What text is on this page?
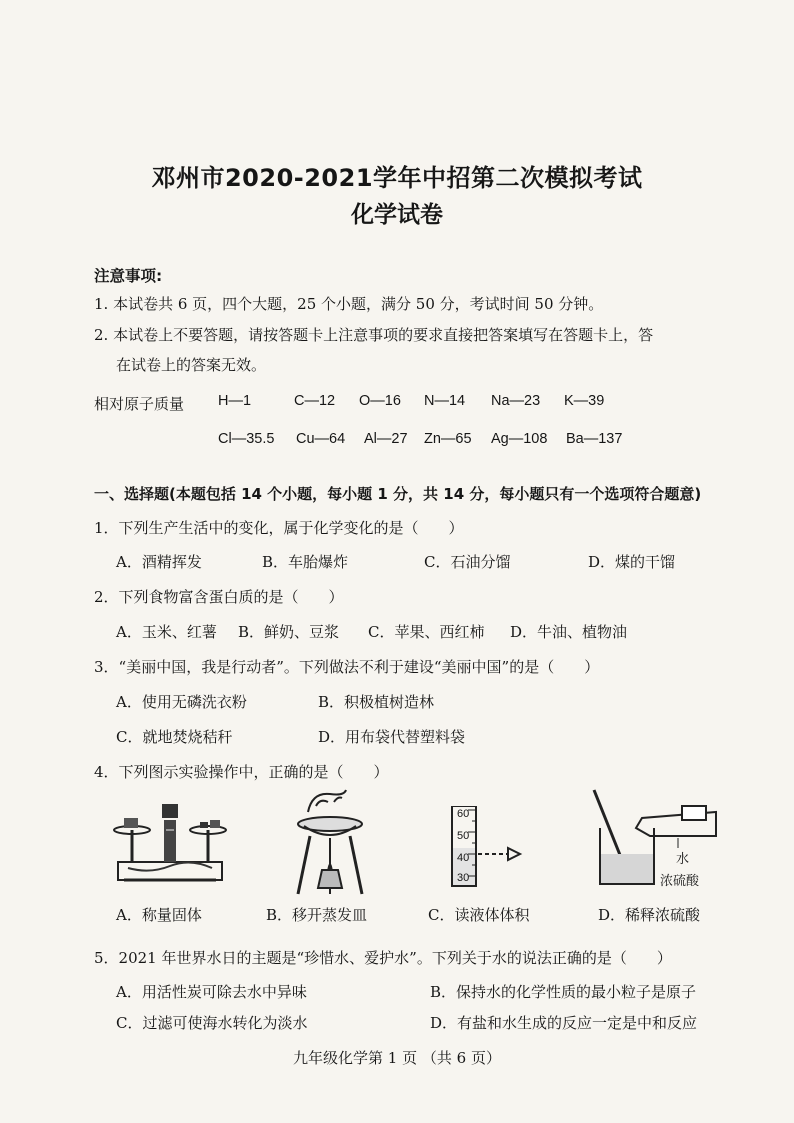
邓州市2020-2021学年中招第二次模拟考试
化学试卷
注意事项:
1. 本试卷共 6 页，四个大题，25 个小题，满分 50 分，考试时间 50 分钟。
2. 本试卷上不要答题，请按答题卡上注意事项的要求直接把答案填写在答题卡上，答
在试卷上的答案无效。
相对原子质量 H—1	C—12 O—16 N—14 Na—23 K—39
Cl—35.5 Cu—64 Al—27 Zn—65 Ag—108 Ba—137
一、选择题(本题包括 14 个小题，每小题 1 分，共 14 分，每小题只有一个选项符合题意)
1．下列生产生活中的变化，属于化学变化的是（　　）
A．酒精挥发	B．车胎爆炸	C．石油分馏	D．煤的干馏
2．下列食物富含蛋白质的是（　　）
A．玉米、红薯 B．鲜奶、豆浆 C．苹果、西红柿 D．牛油、植物油
3．“美丽中国，我是行动者”。下列做法不利于建设“美丽中国”的是（　　）
A．使用无磷洗衣粉	B．积极植树造林
C．就地焚烧秸秆	D．用布袋代替塑料袋
4．下列图示实验操作中，正确的是（　　）
A．称量固体	B．移开蒸发皿
60
50
40
30
C．读液体体积
水
浓硫酸
D．稀释浓硫酸
5．2021 年世界水日的主题是“珍惜水、爱护水”。下列关于水的说法正确的是（　　）
A．用活性炭可除去水中异味	B．保持水的化学性质的最小粒子是原子
C．过滤可使海水转化为淡水	D．有盐和水生成的反应一定是中和反应
九年级化学第 1 页 （共 6 页）
